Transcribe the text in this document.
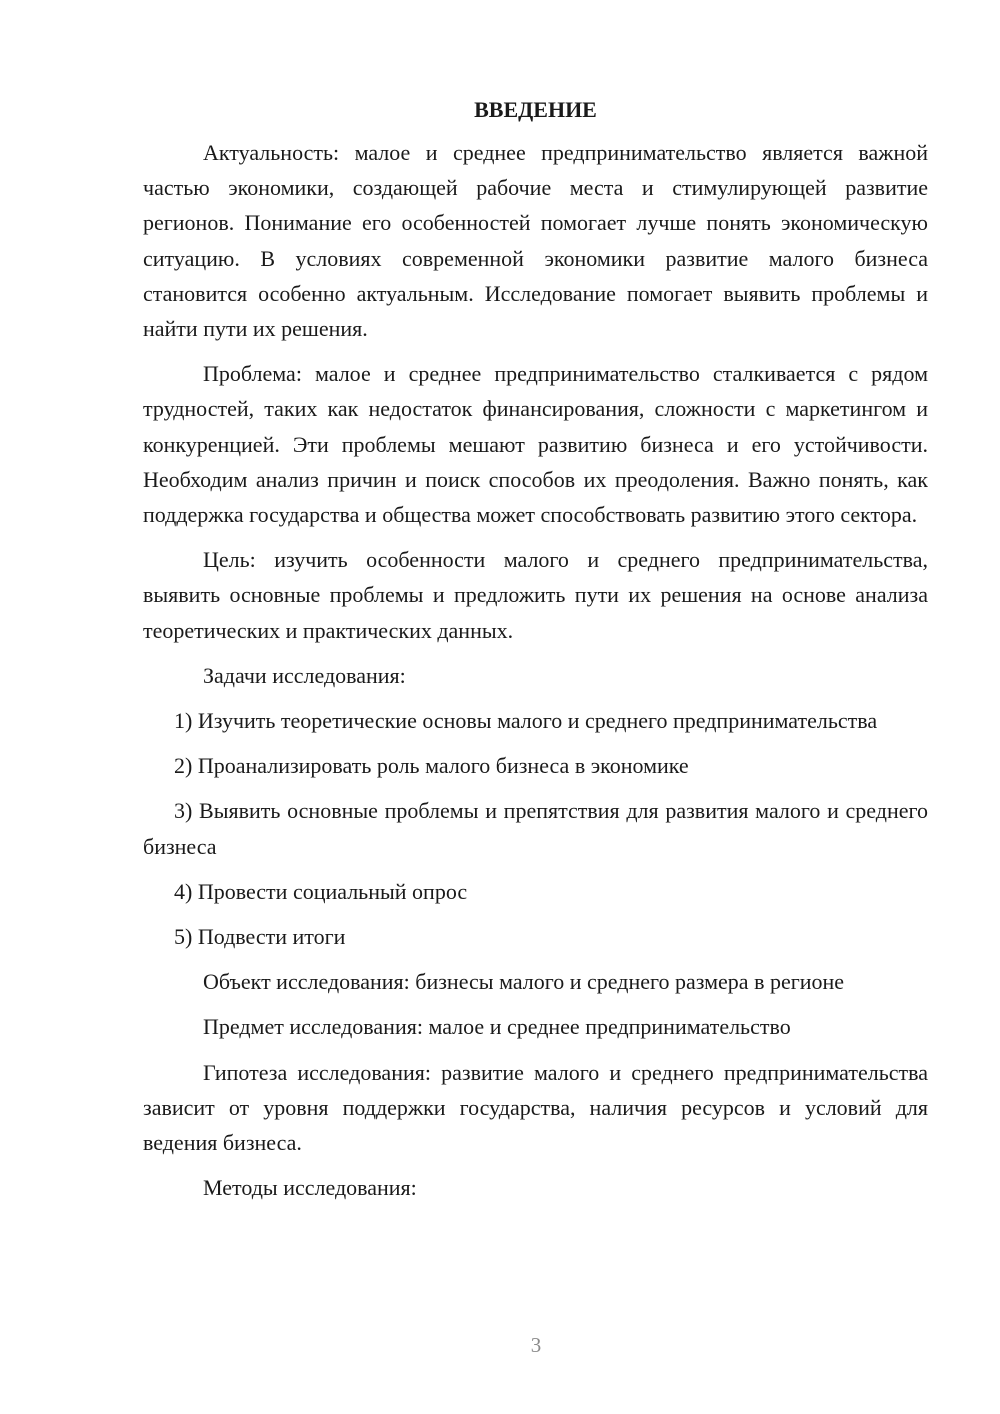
ВВЕДЕНИЕ

Актуальность: малое и среднее предпринимательство является важной частью экономики, создающей рабочие места и стимулирующей развитие регионов. Понимание его особенностей помогает лучше понять экономическую ситуацию. В условиях современной экономики развитие малого бизнеса становится особенно актуальным. Исследование помогает выявить проблемы и найти пути их решения.

Проблема: малое и среднее предпринимательство сталкивается с рядом трудностей, таких как недостаток финансирования, сложности с маркетингом и конкуренцией. Эти проблемы мешают развитию бизнеса и его устойчивости. Необходим анализ причин и поиск способов их преодоления. Важно понять, как поддержка государства и общества может способствовать развитию этого сектора.

Цель: изучить особенности малого и среднего предпринимательства, выявить основные проблемы и предложить пути их решения на основе анализа теоретических и практических данных.

Задачи исследования:

1) Изучить теоретические основы малого и среднего предпринимательства

2) Проанализировать роль малого бизнеса в экономике

3) Выявить основные проблемы и препятствия для развития малого и среднего бизнеса

4) Провести социальный опрос

5) Подвести итоги

Объект исследования: бизнесы малого и среднего размера в регионе

Предмет исследования: малое и среднее предпринимательство

Гипотеза исследования: развитие малого и среднего предпринимательства зависит от уровня поддержки государства, наличия ресурсов и условий для ведения бизнеса.

Методы исследования:

3
